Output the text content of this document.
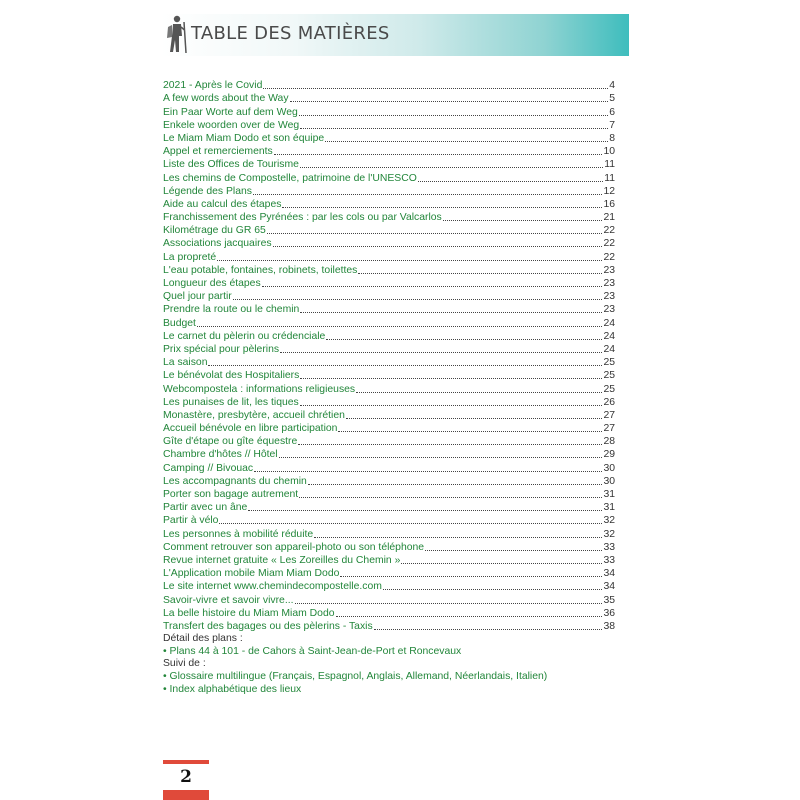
TABLE DES MATIÈRES
2021 - Après le Covid	4
A few words about the Way	5
Ein Paar Worte auf dem Weg	6
Enkele woorden over de Weg	7
Le Miam Miam Dodo et son équipe	8
Appel et remerciements	10
Liste des Offices de Tourisme	11
Les chemins de Compostelle, patrimoine de l'UNESCO	11
Légende des Plans	12
Aide au calcul des étapes	16
Franchissement des Pyrénées : par les cols ou par Valcarlos	21
Kilométrage du GR 65	22
Associations jacquaires	22
La propreté	22
L'eau potable, fontaines, robinets, toilettes	23
Longueur des étapes	23
Quel jour partir	23
Prendre la route ou le chemin	23
Budget	24
Le carnet du pèlerin ou crédenciale	24
Prix spécial pour pèlerins	24
La saison	25
Le bénévolat des Hospitaliers	25
Webcompostela : informations religieuses	25
Les punaises de lit, les tiques	26
Monastère, presbytère, accueil chrétien	27
Accueil bénévole en libre participation	27
Gîte d'étape ou gîte équestre	28
Chambre d'hôtes // Hôtel	29
Camping // Bivouac	30
Les accompagnants du chemin	30
Porter son bagage autrement	31
Partir avec un âne	31
Partir à vélo	32
Les personnes à mobilité réduite	32
Comment retrouver son appareil-photo ou son téléphone	33
Revue internet gratuite « Les Zoreilles du Chemin »	33
L'Application mobile Miam Miam Dodo	34
Le site internet www.chemindecompostelle.com	34
Savoir-vivre et savoir vivre...	35
La belle histoire du Miam Miam Dodo	36
Transfert des bagages ou des pèlerins - Taxis	38
Détail des plans :
• Plans 44 à 101 - de Cahors à Saint-Jean-de-Port et Roncevaux
Suivi de :
• Glossaire multilingue (Français, Espagnol, Anglais, Allemand, Néerlandais, Italien)
• Index alphabétique des lieux
2
